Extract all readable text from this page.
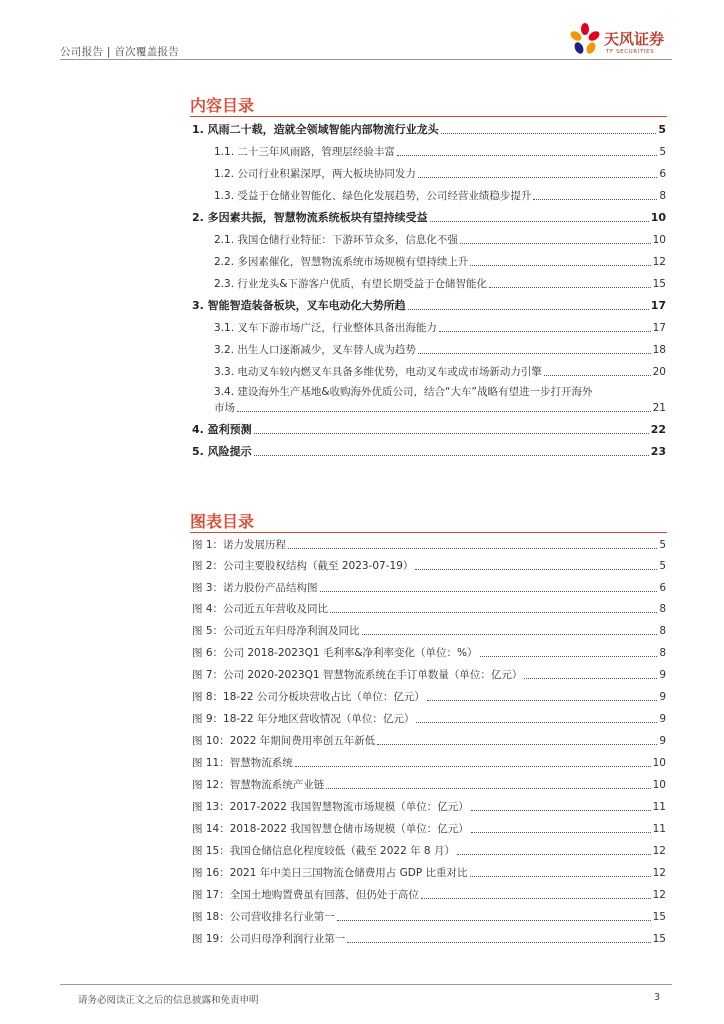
公司报告 | 首次覆盖报告
天风证券
TF SECURITIES
内容目录
1. 风雨二十载，造就全领域智能内部物流行业龙头	5
1.1. 二十三年风雨路，管理层经验丰富	5
1.2. 公司行业积累深厚，两大板块协同发力	6
1.3. 受益于仓储业智能化、绿色化发展趋势，公司经营业绩稳步提升	8
2. 多因素共振，智慧物流系统板块有望持续受益	10
2.1. 我国仓储行业特征：下游环节众多，信息化不强	10
2.2. 多因素催化，智慧物流系统市场规模有望持续上升	12
2.3. 行业龙头&下游客户优质，有望长期受益于仓储智能化	15
3. 智能智造装备板块，叉车电动化大势所趋	17
3.1. 叉车下游市场广泛，行业整体具备出海能力	17
3.2. 出生人口逐渐减少，叉车替人成为趋势	18
3.3. 电动叉车较内燃叉车具备多维优势，电动叉车或成市场新动力引擎	20
3.4. 建设海外生产基地&收购海外优质公司，结合“大车”战略有望进一步打开海外
市场	21
4. 盈利预测	22
5. 风险提示	23
图表目录
图 1：诺力发展历程	5
图 2：公司主要股权结构（截至 2023-07-19）	5
图 3：诺力股份产品结构图	6
图 4：公司近五年营收及同比	8
图 5：公司近五年归母净利润及同比	8
图 6：公司 2018-2023Q1 毛利率&净利率变化（单位：%）	8
图 7：公司 2020-2023Q1 智慧物流系统在手订单数量（单位：亿元）	9
图 8：18-22 公司分板块营收占比（单位：亿元）	9
图 9：18-22 年分地区营收情况（单位：亿元）	9
图 10：2022 年期间费用率创五年新低	9
图 11：智慧物流系统	10
图 12：智慧物流系统产业链	10
图 13：2017-2022 我国智慧物流市场规模（单位：亿元）	11
图 14：2018-2022 我国智慧仓储市场规模（单位：亿元）	11
图 15：我国仓储信息化程度较低（截至 2022 年 8 月）	12
图 16：2021 年中美日三国物流仓储费用占 GDP 比重对比	12
图 17：全国土地购置费虽有回落，但仍处于高位	12
图 18：公司营收排名行业第一	15
图 19：公司归母净利润行业第一	15
请务必阅读正文之后的信息披露和免责申明	3
